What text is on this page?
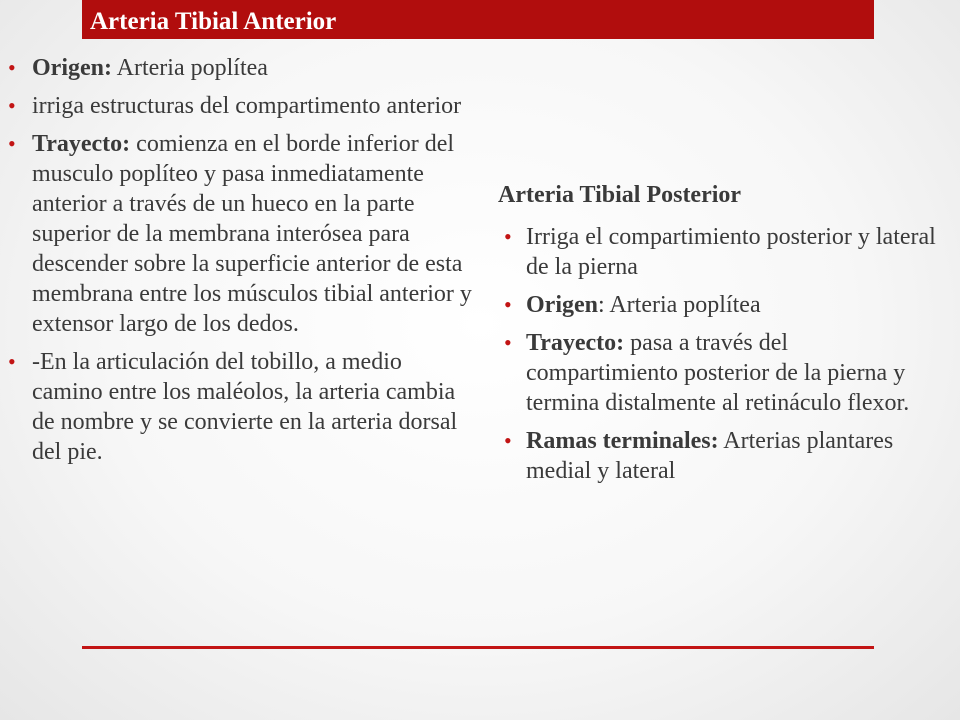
Arteria Tibial Anterior
• Origen: Arteria poplítea
• irriga estructuras del compartimento anterior
• Trayecto: comienza en el borde inferior del musculo poplíteo y pasa inmediatamente anterior a través de un hueco en la parte superior de la membrana interósea para descender sobre la superficie anterior de esta membrana entre los músculos tibial anterior y extensor largo de los dedos.
• -En la articulación del tobillo, a medio camino entre los maléolos, la arteria cambia de nombre y se convierte en la arteria dorsal del pie.
Arteria Tibial Posterior
• Irriga el compartimiento posterior y lateral de la pierna
• Origen: Arteria poplítea
• Trayecto: pasa a través del compartimiento posterior de la pierna y termina distalmente al retináculo flexor.
• Ramas terminales: Arterias plantares medial y lateral
